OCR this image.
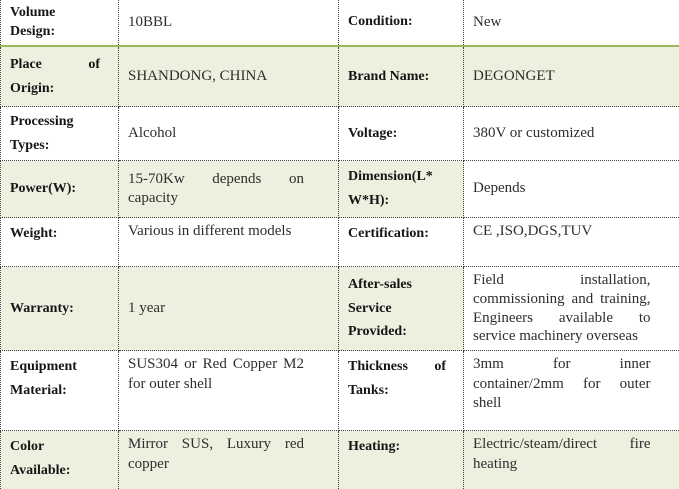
Volume Design:	10BBL	Condition:	New
Place of Origin:	SHANDONG, CHINA	Brand Name:	DEGONGET
Processing Types:	Alcohol	Voltage:	380V or customized
Power(W):	15-70Kw depends on capacity	Dimension(L*​W*H):	Depends
Weight:	Various in different models	Certification:	CE ,ISO,DGS,TUV
Warranty:	1 year	After-sales Service Provided:	Field installation, commissioning and training, Engineers available to service machinery overseas
Equipment Material:	SUS304 or Red Copper M2 for outer shell	Thickness of Tanks:	3mm for inner container/2mm for outer shell
Color Available:	Mirror SUS, Luxury red copper	Heating:	Electric/steam/direct fire heating
